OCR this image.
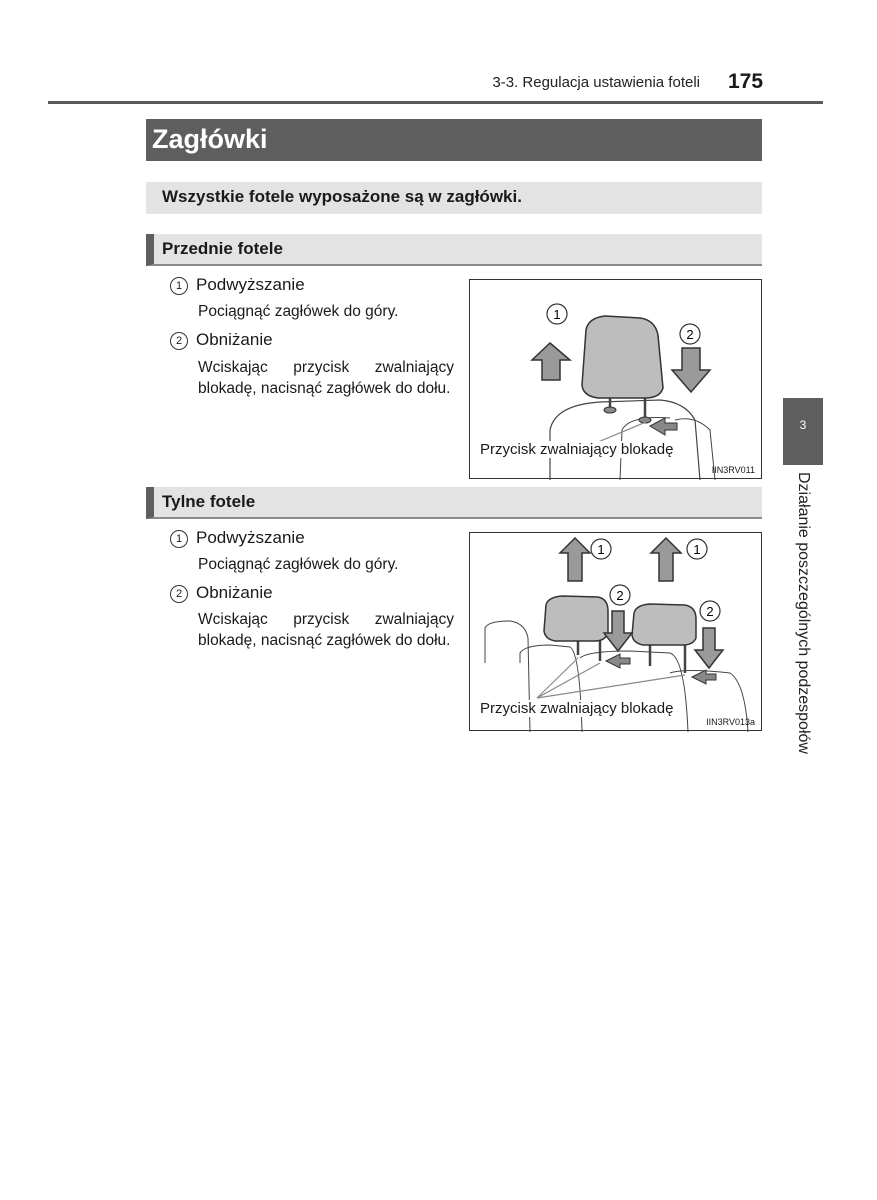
3-3. Regulacja ustawienia foteli 175
Zagłówki
Wszystkie fotele wyposażone są w zagłówki.
Przednie fotele
1 Podwyższanie
Pociągnąć zagłówek do góry.
2 Obniżanie
Wciskając przycisk zwalniający blokadę, nacisnąć zagłówek do dołu.
1
2
Przycisk zwalniający blokadę
IIN3RV011
Tylne fotele
1 Podwyższanie
Pociągnąć zagłówek do góry.
2 Obniżanie
Wciskając przycisk zwalniający blokadę, nacisnąć zagłówek do dołu.
1	1
2
2
Przycisk zwalniający blokadę
IIN3RV013a
3
Działanie poszczególnych podzespołów
